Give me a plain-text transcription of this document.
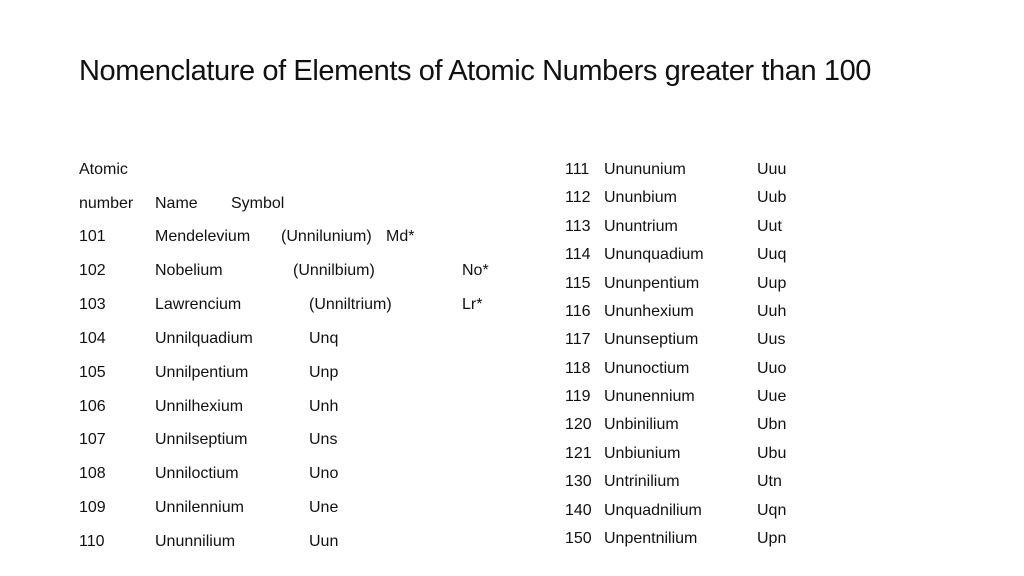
Nomenclature of Elements of Atomic Numbers greater than 100
Atomic
number Name Symbol
101	Mendelevium (Unnilunium) Md*
102	Nobelium	(Unnilbium)	No*
103	Lawrencium	(Unniltrium)	Lr*
104	Unnilquadium	Unq
105	Unnilpentium	Unp
106	Unnilhexium	Unh
107	Unnilseptium	Uns
108	Unniloctium	Uno
109	Unnilennium	Une
110	Ununnilium	Uun
111 Unununium	Uuu
112 Ununbium	Uub
113 Ununtrium	Uut
114 Ununquadium	Uuq
115 Ununpentium	Uup
116 Ununhexium	Uuh
117 Ununseptium	Uus
118 Ununoctium	Uuo
119 Ununennium	Uue
120 Unbinilium	Ubn
121 Unbiunium	Ubu
130 Untrinilium	Utn
140 Unquadnilium	Uqn
150 Unpentnilium	Upn
